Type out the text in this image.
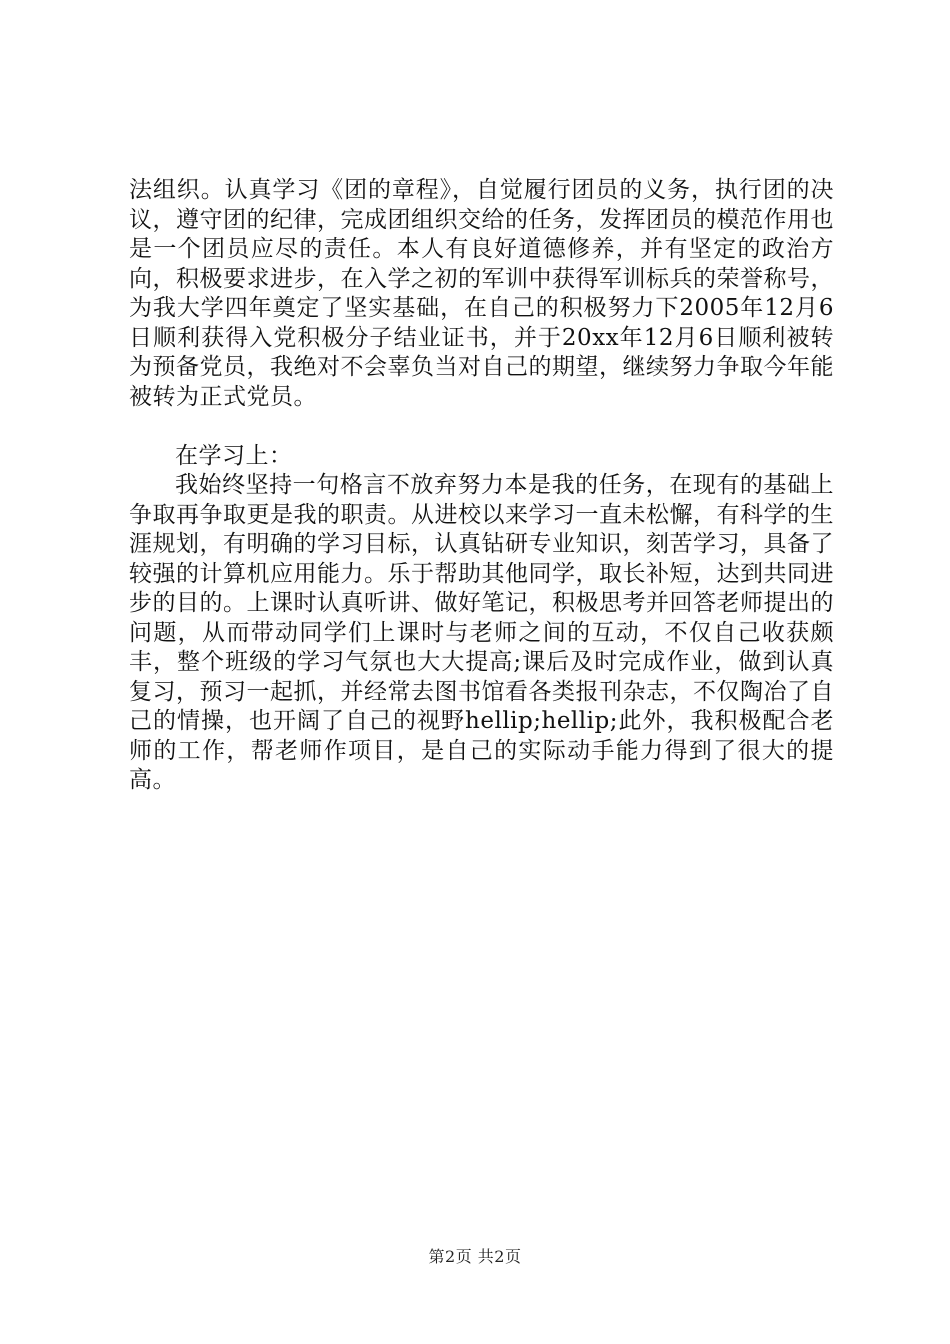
法组织。认真学习《团的章程》，自觉履行团员的义务，执行团的决议，遵守团的纪律，完成团组织交给的任务，发挥团员的模范作用也是一个团员应尽的责任。本人有良好道德修养，并有坚定的政治方向，积极要求进步，在入学之初的军训中获得军训标兵的荣誉称号，为我大学四年奠定了坚实基础，在自己的积极努力下2005年12月6日顺利获得入党积极分子结业证书，并于20xx年12月6日顺利被转为预备党员，我绝对不会辜负当对自己的期望，继续努力争取今年能被转为正式党员。

在学习上：

我始终坚持一句格言不放弃努力本是我的任务，在现有的基础上争取再争取更是我的职责。从进校以来学习一直未松懈，有科学的生涯规划，有明确的学习目标，认真钻研专业知识，刻苦学习，具备了较强的计算机应用能力。乐于帮助其他同学，取长补短，达到共同进步的目的。上课时认真听讲、做好笔记，积极思考并回答老师提出的问题，从而带动同学们上课时与老师之间的互动，不仅自己收获颇丰，整个班级的学习气氛也大大提高;课后及时完成作业，做到认真复习，预习一起抓，并经常去图书馆看各类报刊杂志，不仅陶冶了自己的情操，也开阔了自己的视野hellip;hellip;此外，我积极配合老师的工作，帮老师作项目，是自己的实际动手能力得到了很大的提高。

第2页 共2页
